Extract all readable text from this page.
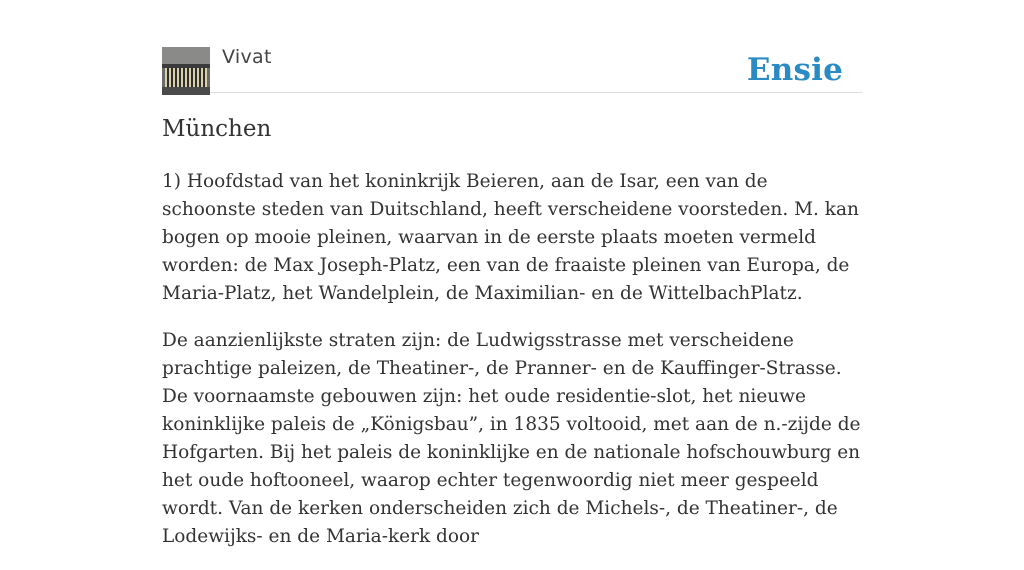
Vivat	Ensie
München

1) Hoofdstad van het koninkrijk Beieren, aan de Isar, een van de schoonste steden van Duitschland, heeft verscheidene voorsteden. M. kan bogen op mooie pleinen, waarvan in de eerste plaats moeten vermeld worden: de Max Joseph-Platz, een van de fraaiste pleinen van Europa, de Maria-Platz, het Wandelplein, de Maximilian- en de WittelbachPlatz.

De aanzienlijkste straten zijn: de Ludwigsstrasse met verscheidene prachtige paleizen, de Theatiner-, de Pranner- en de Kauffinger-Strasse. De voornaamste gebouwen zijn: het oude residentie-slot, het nieuwe koninklijke paleis de „Königsbau”, in 1835 voltooid, met aan de n.-zijde de Hofgarten. Bij het paleis de koninklijke en de nationale hofschouwburg en het oude hoftooneel, waarop echter tegenwoordig niet meer gespeeld wordt. Van de kerken onderscheiden zich de Michels-, de Theatiner-, de Lodewijks- en de Maria-kerk door
